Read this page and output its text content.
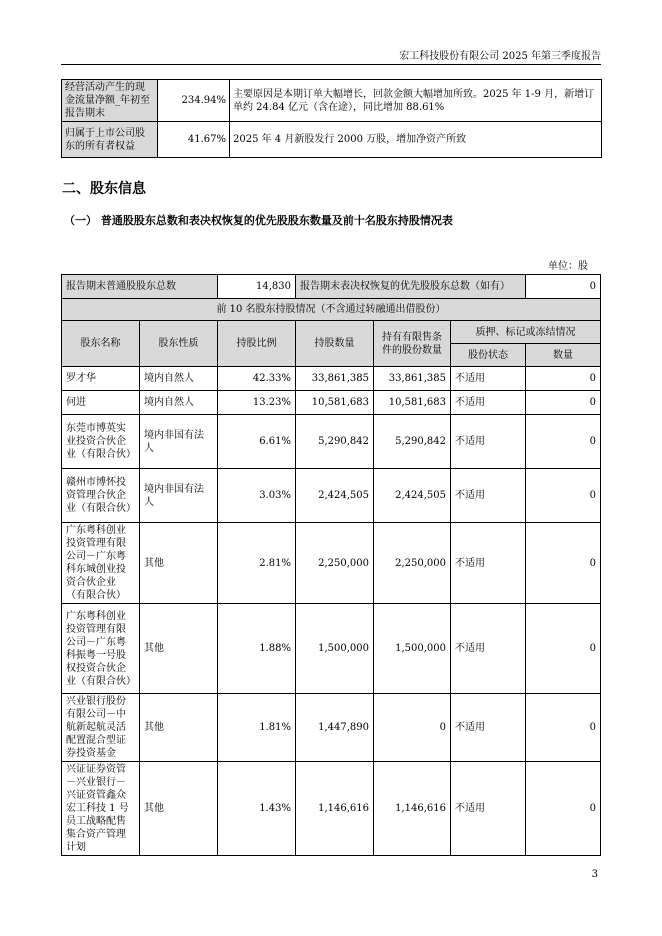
宏工科技股份有限公司 2025 年第三季度报告
经营活动产生的现金流量净额_年初至报告期末	234.94%	主要原因是本期订单大幅增长，回款金额大幅增加所致。2025 年 1-9 月，新增订单约 24.84 亿元（含在途），同比增加 88.61%
归属于上市公司股东的所有者权益	41.67%	2025 年 4 月新股发行 2000 万股，增加净资产所致
二、股东信息
（一） 普通股股东总数和表决权恢复的优先股股东数量及前十名股东持股情况表
单位：股
报告期末普通股股东总数		14,830	报告期末表决权恢复的优先股股东总数（如有）			0
前 10 名股东持股情况（不含通过转融通出借股份）						
股东名称	股东性质	持股比例	持股数量	持有有限售条件的股份数量	质押、标记或冻结情况	
					股份状态	数量
罗才华	境内自然人	42.33%	33,861,385	33,861,385	不适用	0
何进	境内自然人	13.23%	10,581,683	10,581,683	不适用	0
东莞市博英实业投资合伙企业（有限合伙）	境内非国有法人	6.61%	5,290,842	5,290,842	不适用	0
赣州市博怀投资管理合伙企业（有限合伙）	境内非国有法人	3.03%	2,424,505	2,424,505	不适用	0
广东粤科创业投资管理有限公司－广东粤科东城创业投资合伙企业（有限合伙）	其他	2.81%	2,250,000	2,250,000	不适用	0
广东粤科创业投资管理有限公司－广东粤科振粤一号股权投资合伙企业（有限合伙）	其他	1.88%	1,500,000	1,500,000	不适用	0
兴业银行股份有限公司－中航新起航灵活配置混合型证券投资基金	其他	1.81%	1,447,890	0	不适用	0
兴证证券资管－兴业银行－兴证资管鑫众宏工科技 1 号员工战略配售集合资产管理计划	其他	1.43%	1,146,616	1,146,616	不适用	0
3
